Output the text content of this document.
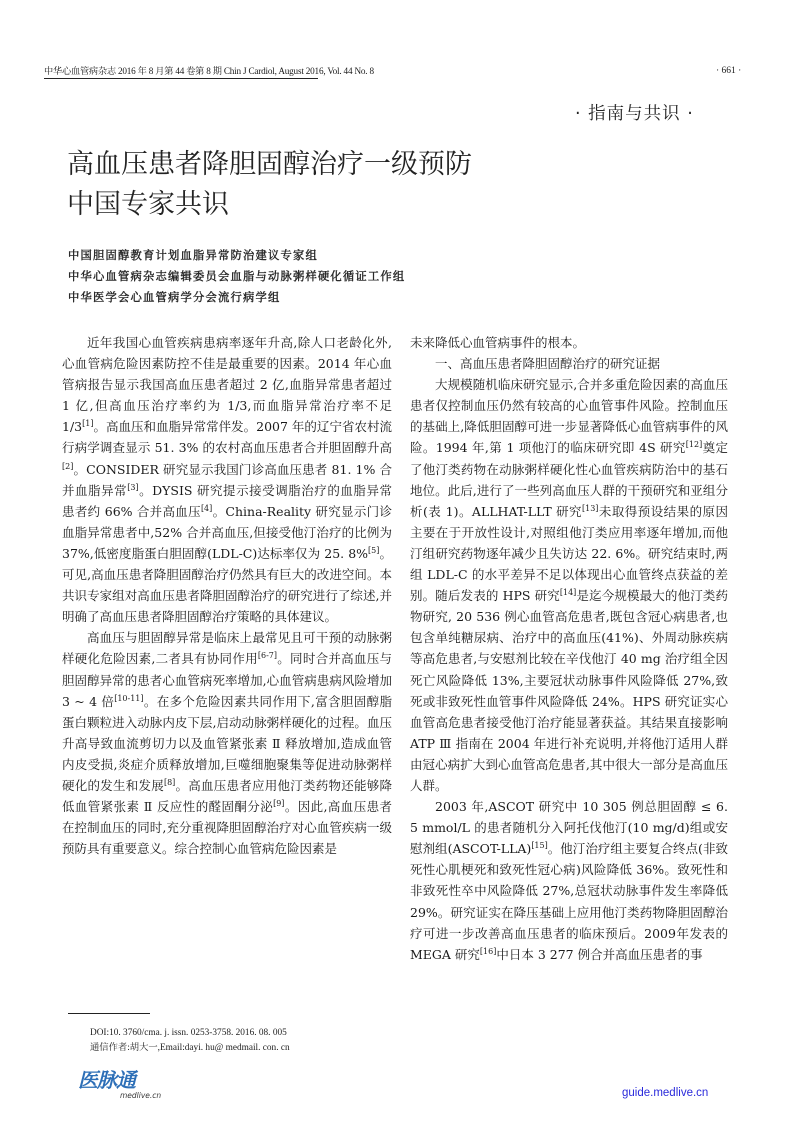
中华心血管病杂志 2016 年 8 月第 44 卷第 8 期 Chin J Cardiol, August 2016, Vol. 44 No. 8	· 661 ·
· 指南与共识 ·
高血压患者降胆固醇治疗一级预防
中国专家共识
中国胆固醇教育计划血脂异常防治建议专家组
中华心血管病杂志编辑委员会血脂与动脉粥样硬化循证工作组
中华医学会心血管病学分会流行病学组

近年我国心血管疾病患病率逐年升高,除人口老龄化外,心血管病危险因素防控不佳是最重要的因素。2014 年心血管病报告显示我国高血压患者超过 2 亿,血脂异常患者超过 1 亿,但高血压治疗率约为 1/3,而血脂异常治疗率不足 1/3[1]。高血压和血脂异常常伴发。2007 年的辽宁省农村流行病学调查显示 51. 3% 的农村高血压患者合并胆固醇升高[2]。CONSIDER 研究显示我国门诊高血压患者 81. 1% 合并血脂异常[3]。DYSIS 研究提示接受调脂治疗的血脂异常患者约 66% 合并高血压[4]。China-Reality 研究显示门诊血脂异常患者中,52% 合并高血压,但接受他汀治疗的比例为 37%,低密度脂蛋白胆固醇(LDL-C)达标率仅为 25. 8%[5]。可见,高血压患者降胆固醇治疗仍然具有巨大的改进空间。本共识专家组对高血压患者降胆固醇治疗的研究进行了综述,并明确了高血压患者降胆固醇治疗策略的具体建议。

高血压与胆固醇异常是临床上最常见且可干预的动脉粥样硬化危险因素,二者具有协同作用[6-7]。同时合并高血压与胆固醇异常的患者心血管病死率增加,心血管病患病风险增加 3 ~ 4 倍[10-11]。在多个危险因素共同作用下,富含胆固醇脂蛋白颗粒进入动脉内皮下层,启动动脉粥样硬化的过程。血压升高导致血流剪切力以及血管紧张素 Ⅱ 释放增加,造成血管内皮受损,炎症介质释放增加,巨噬细胞聚集等促进动脉粥样硬化的发生和发展[8]。高血压患者应用他汀类药物还能够降低血管紧张素 Ⅱ 反应性的醛固酮分泌[9]。因此,高血压患者在控制血压的同时,充分重视降胆固醇治疗对心血管疾病一级预防具有重要意义。综合控制心血管病危险因素是

未来降低心血管病事件的根本。

一、高血压患者降胆固醇治疗的研究证据

大规模随机临床研究显示,合并多重危险因素的高血压患者仅控制血压仍然有较高的心血管事件风险。控制血压的基础上,降低胆固醇可进一步显著降低心血管病事件的风险。1994 年,第 1 项他汀的临床研究即 4S 研究[12]奠定了他汀类药物在动脉粥样硬化性心血管疾病防治中的基石地位。此后,进行了一些列高血压人群的干预研究和亚组分析(表 1)。ALLHAT-LLT 研究[13]未取得预设结果的原因主要在于开放性设计,对照组他汀类应用率逐年增加,而他汀组研究药物逐年减少且失访达 22. 6%。研究结束时,两组 LDL-C 的水平差异不足以体现出心血管终点获益的差别。随后发表的 HPS 研究[14]是迄今规模最大的他汀类药物研究, 20 536 例心血管高危患者,既包含冠心病患者,也包含单纯糖尿病、治疗中的高血压(41%)、外周动脉疾病等高危患者,与安慰剂比较在辛伐他汀 40 mg 治疗组全因死亡风险降低 13%,主要冠状动脉事件风险降低 27%,致死或非致死性血管事件风险降低 24%。HPS 研究证实心血管高危患者接受他汀治疗能显著获益。其结果直接影响 ATP Ⅲ 指南在 2004 年进行补充说明,并将他汀适用人群由冠心病扩大到心血管高危患者,其中很大一部分是高血压人群。

2003 年,ASCOT 研究中 10 305 例总胆固醇 ≤ 6. 5 mmol/L 的患者随机分入阿托伐他汀(10 mg/d)组或安慰剂组(ASCOT-LLA)[15]。他汀治疗组主要复合终点(非致死性心肌梗死和致死性冠心病)风险降低 36%。致死性和非致死性卒中风险降低 27%,总冠状动脉事件发生率降低 29%。研究证实在降压基础上应用他汀类药物降胆固醇治疗可进一步改善高血压患者的临床预后。2009年发表的 MEGA 研究[16]中日本 3 277 例合并高血压患者的事

DOI:10. 3760/cma. j. issn. 0253-3758. 2016. 08. 005
通信作者:胡大一,Email:dayi. hu@ medmail. con. cn
医脉通
medlive.cn	guide.medlive.cn
